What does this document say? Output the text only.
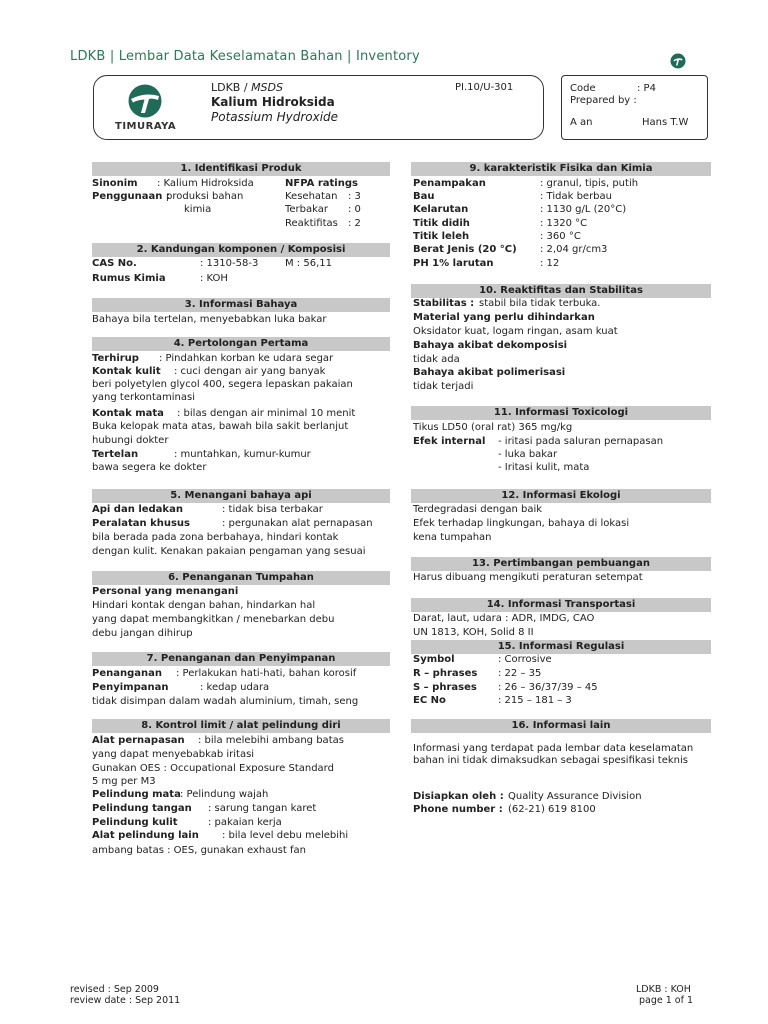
LDKB | Lembar Data Keselamatan Bahan | Inventory
TIMURAYA
LDKB / MSDS
Kalium Hidroksida
Potassium Hydroxide
PI.10/U-301	Code	: P4
Prepared by :
A an	Hans T.W
1. Identifikasi Produk
Sinonim : Kalium Hidroksida
Penggunaan :
produksi bahan
kimia
NFPA ratings
Kesehatan : 3
Terbakar : 0
Reaktifitas : 2
2. Kandungan komponen / Komposisi
CAS No.	: 1310-58-3	M : 56,11
Rumus Kimia	: KOH
3. Informasi Bahaya
Bahaya bila tertelan, menyebabkan luka bakar
4. Pertolongan Pertama
Terhirup : Pindahkan korban ke udara segar
Kontak kulit : cuci dengan air yang banyak
beri polyetylen glycol 400, segera lepaskan pakaian
yang terkontaminasi
Kontak mata : bilas dengan air minimal 10 menit
Buka kelopak mata atas, bawah bila sakit berlanjut
hubungi dokter
Tertelan	: muntahkan, kumur-kumur
bawa segera ke dokter
5. Menangani bahaya api
Api dan ledakan	: tidak bisa terbakar
Peralatan khusus	: pergunakan alat pernapasan
bila berada pada zona berbahaya, hindari kontak
dengan kulit. Kenakan pakaian pengaman yang sesuai
6. Penanganan Tumpahan
Personal yang menangani
Hindari kontak dengan bahan, hindarkan hal
yang dapat membangkitkan / menebarkan debu
debu jangan dihirup
7. Penanganan dan Penyimpanan
Penanganan : Perlakukan hati-hati, bahan korosif
Penyimpanan	: kedap udara
tidak disimpan dalam wadah aluminium, timah, seng
8. Kontrol limit / alat pelindung diri
Alat pernapasan : bila melebihi ambang batas
yang dapat menyebabkab iritasi
Gunakan OES : Occupational Exposure Standard
5 mg per M3
Pelindung mata : Pelindung wajah
Pelindung tangan : sarung tangan karet
Pelindung kulit	: pakaian kerja
Alat pelindung lain : bila level debu melebihi
ambang batas : OES, gunakan exhaust fan
9. karakteristik Fisika dan Kimia
Penampakan	: granul, tipis, putih
Bau	: Tidak berbau
Kelarutan	: 1130 g/L (20°C)
Titik didih	: 1320 °C
Titik leleh	: 360 °C
Berat Jenis (20 °C) : 2,04 gr/cm3
PH 1% larutan	: 12
10. Reaktifitas dan Stabilitas
Stabilitas : stabil bila tidak terbuka.
Material yang perlu dihindarkan
Oksidator kuat, logam ringan, asam kuat
Bahaya akibat dekomposisi
tidak ada
Bahaya akibat polimerisasi
tidak terjadi
11. Informasi Toxicologi
Tikus LD50 (oral rat) 365 mg/kg
Efek internal - iritasi pada saluran pernapasan
- luka bakar
- Iritasi kulit, mata
12. Informasi Ekologi
Terdegradasi dengan baik
Efek terhadap lingkungan, bahaya di lokasi
kena tumpahan
13. Pertimbangan pembuangan
Harus dibuang mengikuti peraturan setempat
14. Informasi Transportasi
Darat, laut, udara : ADR, IMDG, CAO
UN 1813, KOH, Solid 8 II
15. Informasi Regulasi
Symbol	: Corrosive
R – phrases : 22 – 35
S – phrases : 26 – 36/37/39 – 45
EC No	: 215 – 181 – 3
16. Informasi lain
Informasi yang terdapat pada lembar data keselamatan
bahan ini tidak dimaksudkan sebagai spesifikasi teknis
Disiapkan oleh : Quality Assurance Division
Phone number : (62-21) 619 8100
revised : Sep 2009
review date : Sep 2011
LDKB : KOH
page 1 of 1
